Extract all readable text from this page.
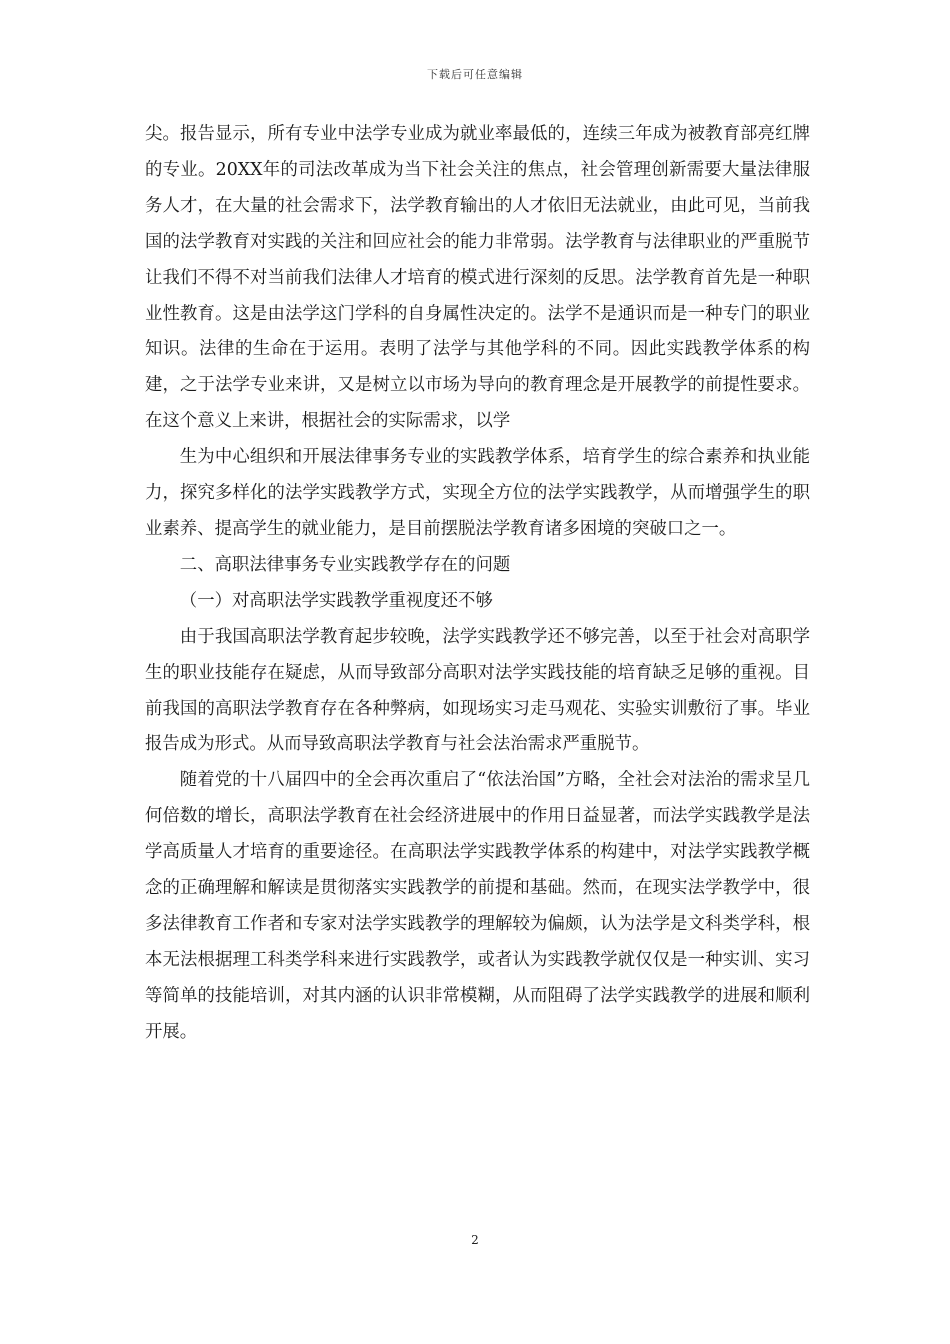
下载后可任意编辑

尖。报告显示，所有专业中法学专业成为就业率最低的，连续三年成为被教育部亮红牌的专业。20XX年的司法改革成为当下社会关注的焦点，社会管理创新需要大量法律服务人才，在大量的社会需求下，法学教育输出的人才依旧无法就业，由此可见，当前我国的法学教育对实践的关注和回应社会的能力非常弱。法学教育与法律职业的严重脱节让我们不得不对当前我们法律人才培育的模式进行深刻的反思。法学教育首先是一种职业性教育。这是由法学这门学科的自身属性决定的。法学不是通识而是一种专门的职业知识。法律的生命在于运用。表明了法学与其他学科的不同。因此实践教学体系的构建，之于法学专业来讲，又是树立以市场为导向的教育理念是开展教学的前提性要求。在这个意义上来讲，根据社会的实际需求，以学

生为中心组织和开展法律事务专业的实践教学体系，培育学生的综合素养和执业能力，探究多样化的法学实践教学方式，实现全方位的法学实践教学，从而增强学生的职业素养、提高学生的就业能力，是目前摆脱法学教育诸多困境的突破口之一。

二、高职法律事务专业实践教学存在的问题

（一）对高职法学实践教学重视度还不够

由于我国高职法学教育起步较晚，法学实践教学还不够完善，以至于社会对高职学生的职业技能存在疑虑，从而导致部分高职对法学实践技能的培育缺乏足够的重视。目前我国的高职法学教育存在各种弊病，如现场实习走马观花、实验实训敷衍了事。毕业报告成为形式。从而导致高职法学教育与社会法治需求严重脱节。

随着党的十八届四中的全会再次重启了“依法治国”方略，全社会对法治的需求呈几何倍数的增长，高职法学教育在社会经济进展中的作用日益显著，而法学实践教学是法学高质量人才培育的重要途径。在高职法学实践教学体系的构建中，对法学实践教学概念的正确理解和解读是贯彻落实实践教学的前提和基础。然而，在现实法学教学中，很多法律教育工作者和专家对法学实践教学的理解较为偏颇，认为法学是文科类学科，根本无法根据理工科类学科来进行实践教学，或者认为实践教学就仅仅是一种实训、实习等简单的技能培训，对其内涵的认识非常模糊，从而阻碍了法学实践教学的进展和顺利开展。

2
